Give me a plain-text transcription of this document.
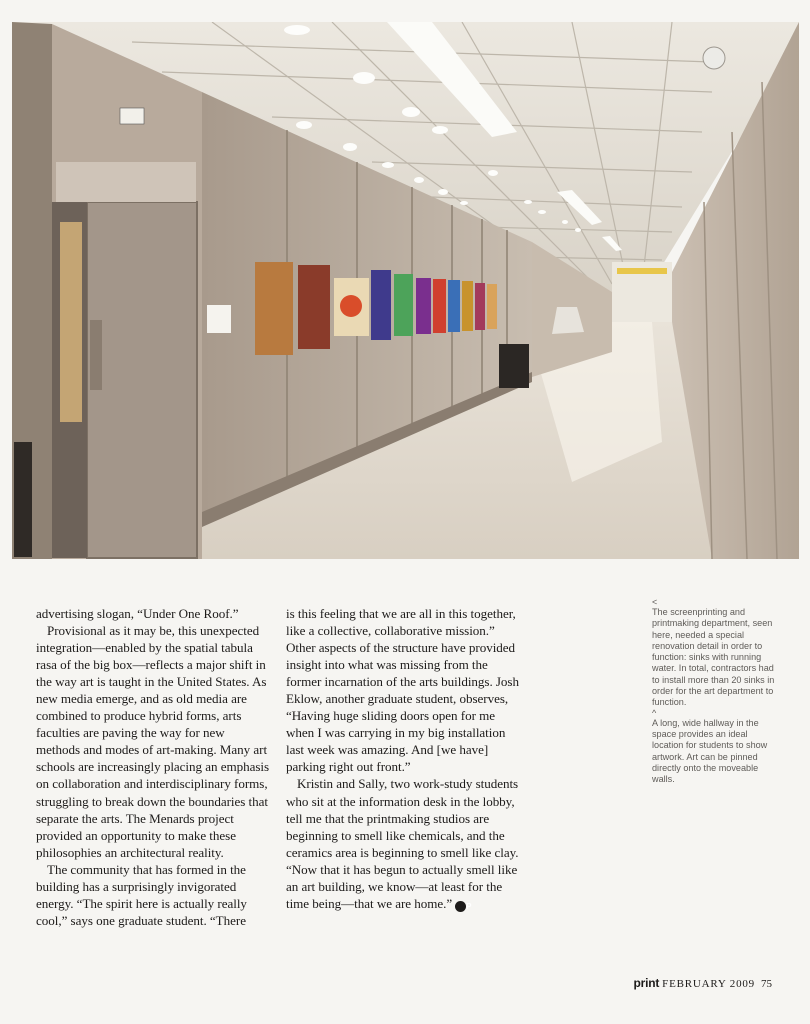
advertising slogan, “Under One Roof.”

Provisional as it may be, this unexpected integration—enabled by the spatial tabula rasa of the big box—reflects a major shift in the way art is taught in the United States. As new media emerge, and as old media are combined to produce hybrid forms, arts faculties are paving the way for new methods and modes of art-making. Many art schools are increasingly placing an emphasis on collaboration and interdisciplinary forms, struggling to break down the boundaries that separate the arts. The Menards project provided an opportunity to make these philosophies an architectural reality.

The community that has formed in the building has a surprisingly invigorated energy. “The spirit here is actually really cool,” says one graduate student. “There

is this feeling that we are all in this together, like a collective, collaborative mission.” Other aspects of the structure have provided insight into what was missing from the former incarnation of the arts buildings. Josh Eklow, another graduate student, observes, “Having huge sliding doors open for me when I was carrying in my big installation last week was amazing. And [we have] parking right out front.”

Kristin and Sally, two work-study students who sit at the information desk in the lobby, tell me that the printmaking studios are beginning to smell like chemicals, and the ceramics area is beginning to smell like clay. “Now that it has begun to actually smell like an art building, we know—at least for the time being—that we are home.” P

<
The screenprinting and printmaking department, seen here, needed a special renovation detail in order to function: sinks with running water. In total, contractors had to install more than 20 sinks in order for the art department to function.

^
A long, wide hallway in the space provides an ideal location for students to show artwork. Art can be pinned directly onto the moveable walls.

print FEBRUARY 2009 75
